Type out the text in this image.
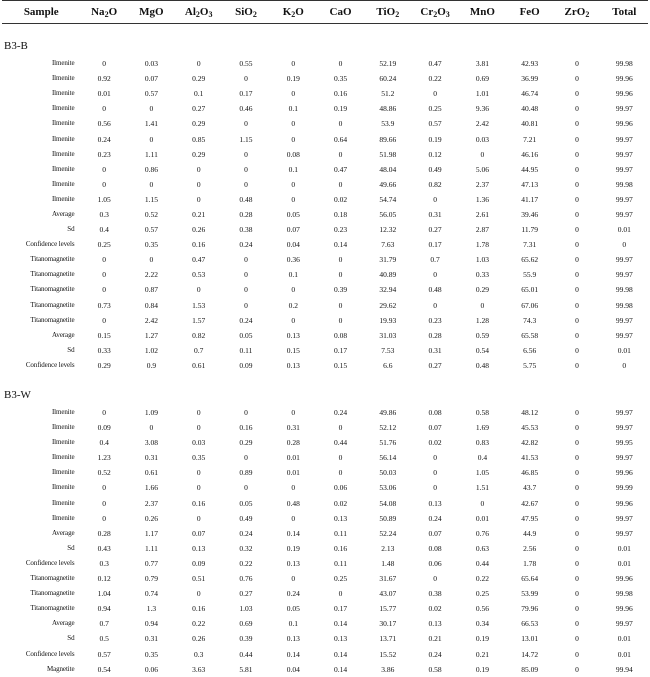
Sample	$Na_2O$	MgO	$Al_2O_3$	SiO$_2$	$K_2O$	CaO	TiO$_2$	$Cr_2O_3$	MnO	FeO	ZrO$_2$	Total

B3-B												
Ilmenite	0	0.03	0	0.55	0	0	52.19	0.47	3.81	42.93	0	99.98
Ilmenite	0.92	0.07	0.29	0	0.19	0.35	60.24	0.22	0.69	36.99	0	99.96
Ilmenite	0.01	0.57	0.1	0.17	0	0.16	51.2	0	1.01	46.74	0	99.96
Ilmenite	0	0	0.27	0.46	0.1	0.19	48.86	0.25	9.36	40.48	0	99.97
Ilmenite	0.56	1.41	0.29	0	0	0	53.9	0.57	2.42	40.81	0	99.96
Ilmenite	0.24	0	0.85	1.15	0	0.64	89.66	0.19	0.03	7.21	0	99.97
Ilmenite	0.23	1.11	0.29	0	0.08	0	51.98	0.12	0	46.16	0	99.97
Ilmenite	0	0.86	0	0	0.1	0.47	48.04	0.49	5.06	44.95	0	99.97
Ilmenite	0	0	0	0	0	0	49.66	0.82	2.37	47.13	0	99.98
Ilmenite	1.05	1.15	0	0.48	0	0.02	54.74	0	1.36	41.17	0	99.97
Average	0.3	0.52	0.21	0.28	0.05	0.18	56.05	0.31	2.61	39.46	0	99.97
Sd	0.4	0.57	0.26	0.38	0.07	0.23	12.32	0.27	2.87	11.79	0	0.01
Confidence levels	0.25	0.35	0.16	0.24	0.04	0.14	7.63	0.17	1.78	7.31	0	0
Titanomagnetite	0	0	0.47	0	0.36	0	31.79	0.7	1.03	65.62	0	99.97
Titanomagnetite	0	2.22	0.53	0	0.1	0	40.89	0	0.33	55.9	0	99.97
Titanomagnetite	0	0.87	0	0	0	0.39	32.94	0.48	0.29	65.01	0	99.98
Titanomagnetite	0.73	0.84	1.53	0	0.2	0	29.62	0	0	67.06	0	99.98
Titanomagnetite	0	2.42	1.57	0.24	0	0	19.93	0.23	1.28	74.3	0	99.97
Average	0.15	1.27	0.82	0.05	0.13	0.08	31.03	0.28	0.59	65.58	0	99.97
Sd	0.33	1.02	0.7	0.11	0.15	0.17	7.53	0.31	0.54	6.56	0	0.01
Confidence levels	0.29	0.9	0.61	0.09	0.13	0.15	6.6	0.27	0.48	5.75	0	0

B3-W												
Ilmenite	0	1.09	0	0	0	0.24	49.86	0.08	0.58	48.12	0	99.97
Ilmenite	0.09	0	0	0.16	0.31	0	52.12	0.07	1.69	45.53	0	99.97
Ilmenite	0.4	3.08	0.03	0.29	0.28	0.44	51.76	0.02	0.83	42.82	0	99.95
Ilmenite	1.23	0.31	0.35	0	0.01	0	56.14	0	0.4	41.53	0	99.97
Ilmenite	0.52	0.61	0	0.89	0.01	0	50.03	0	1.05	46.85	0	99.96
Ilmenite	0	1.66	0	0	0	0.06	53.06	0	1.51	43.7	0	99.99
Ilmenite	0	2.37	0.16	0.05	0.48	0.02	54.08	0.13	0	42.67	0	99.96
Ilmenite	0	0.26	0	0.49	0	0.13	50.89	0.24	0.01	47.95	0	99.97
Average	0.28	1.17	0.07	0.24	0.14	0.11	52.24	0.07	0.76	44.9	0	99.97
Sd	0.43	1.11	0.13	0.32	0.19	0.16	2.13	0.08	0.63	2.56	0	0.01
Confidence levels	0.3	0.77	0.09	0.22	0.13	0.11	1.48	0.06	0.44	1.78	0	0.01
Titanomagnetite	0.12	0.79	0.51	0.76	0	0.25	31.67	0	0.22	65.64	0	99.96
Titanomagnetite	1.04	0.74	0	0.27	0.24	0	43.07	0.38	0.25	53.99	0	99.98
Titanomagnetite	0.94	1.3	0.16	1.03	0.05	0.17	15.77	0.02	0.56	79.96	0	99.96
Average	0.7	0.94	0.22	0.69	0.1	0.14	30.17	0.13	0.34	66.53	0	99.97
Sd	0.5	0.31	0.26	0.39	0.13	0.13	13.71	0.21	0.19	13.01	0	0.01
Confidence levels	0.57	0.35	0.3	0.44	0.14	0.14	15.52	0.24	0.21	14.72	0	0.01
Magnetite	0.54	0.06	3.63	5.81	0.04	0.14	3.86	0.58	0.19	85.09	0	99.94
